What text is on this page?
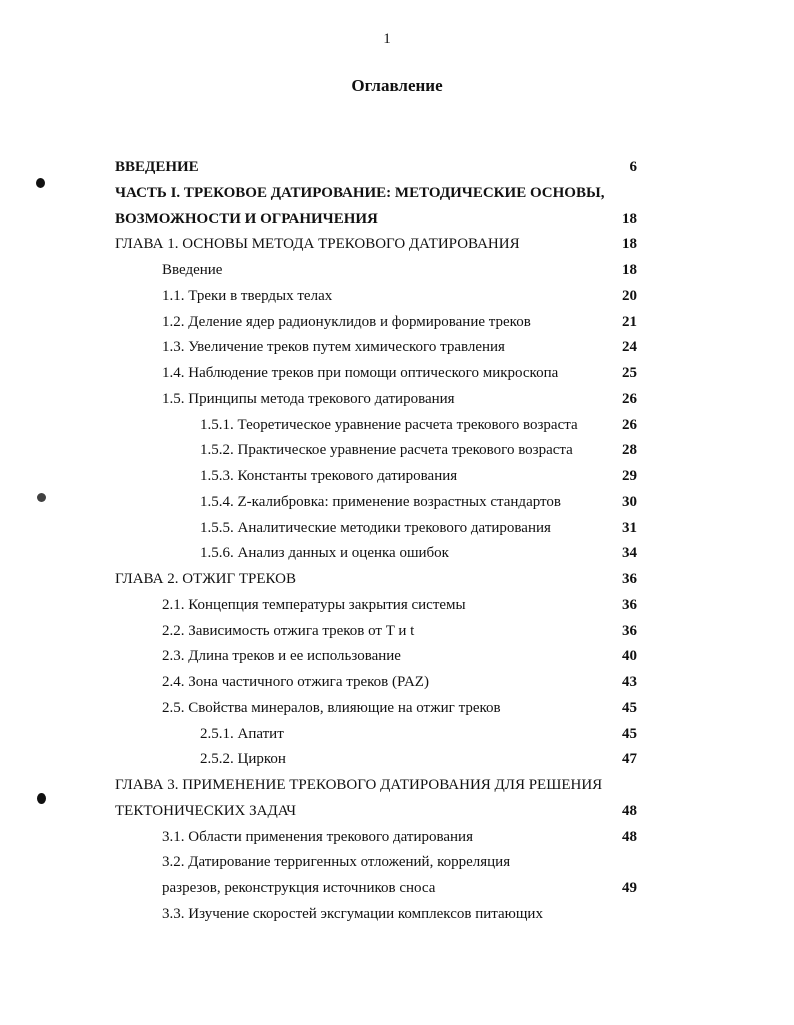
1
Оглавление
ВВЕДЕНИЕ	6
ЧАСТЬ I. ТРЕКОВОЕ ДАТИРОВАНИЕ: МЕТОДИЧЕСКИЕ ОСНОВЫ,
ВОЗМОЖНОСТИ И ОГРАНИЧЕНИЯ	18
ГЛАВА 1. ОСНОВЫ МЕТОДА ТРЕКОВОГО ДАТИРОВАНИЯ	18
Введение	18
1.1. Треки в твердых телах	20
1.2. Деление ядер радионуклидов и формирование треков	21
1.3. Увеличение треков путем химического травления	24
1.4. Наблюдение треков при помощи оптического микроскопа	25
1.5. Принципы метода трекового датирования	26
1.5.1. Теоретическое уравнение расчета трекового возраста	26
1.5.2. Практическое уравнение расчета трекового возраста	28
1.5.3. Константы трекового датирования	29
1.5.4. Z-калибровка: применение возрастных стандартов	30
1.5.5. Аналитические методики трекового датирования	31
1.5.6. Анализ данных и оценка ошибок	34
ГЛАВА 2. ОТЖИГ ТРЕКОВ	36
2.1. Концепция температуры закрытия системы	36
2.2. Зависимость отжига треков от T и t	36
2.3. Длина треков и ее использование	40
2.4. Зона частичного отжига треков (PAZ)	43
2.5. Свойства минералов, влияющие на отжиг треков	45
2.5.1. Апатит	45
2.5.2. Циркон	47
ГЛАВА 3. ПРИМЕНЕНИЕ ТРЕКОВОГО ДАТИРОВАНИЯ ДЛЯ РЕШЕНИЯ
ТЕКТОНИЧЕСКИХ ЗАДАЧ	48
3.1. Области применения трекового датирования	48
3.2. Датирование терригенных отложений, корреляция
разрезов, реконструкция источников сноса	49
3.3. Изучение скоростей эксгумации комплексов питающих
